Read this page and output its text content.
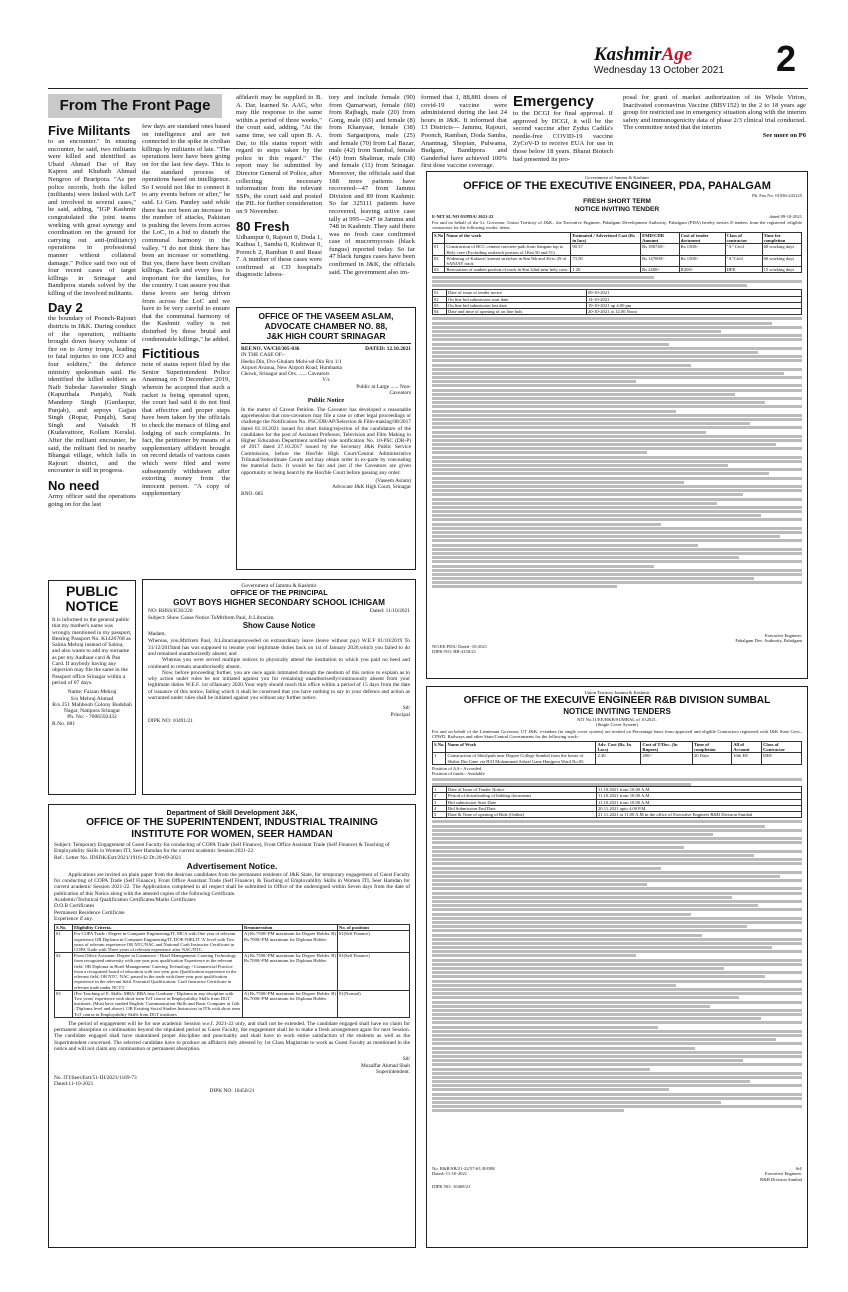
KashmirAge
Wednesday 13 October 2021 2
From The Front Page
Five Militants
to an encounter." In ensuing encounter, he said, two militants were killed and identified as Ubaid Ahmad Dar of Ray Kapren and Khubaib Ahmad Nengroo of Braripora. "As per police records, both the killed (militants) were linked with LeT and involved in several cases," he said, adding, "IGP Kashmir congratulated the joint teams working with great synergy and coordination on the ground for carrying out anti-(militancy) operations in professional manner without collateral damage." Police said two out of four recent cases of target killings in Srinagar and Bandipora stands solved by the killing of the involved militants.
Day 2
the boundary of Poonch-Rajouri districts in J&K. During conduct of the operation, militants brought down heavy volume of fire on to Army troops, leading to fatal injuries to one JCO and four soldiers," the defence ministry spokesman said. He identified the killed soldiers as Naib Subedar Jaswinder Singh (Kapurthala Punjab), Naik Mandeep Singh (Gurdaspur, Punjab), and sepoys Gajjan Singh (Ropar, Punjab), Saraj Singh and Vaisakh H (Kudavattoor, Kollam Kerala). After the militant encounter, he said, the militant fled to nearby Bhangai village, which falls in Rajouri district, and the encounter is still in progress.
No need
Army officer said the operations going on for the last
few days are standard ones based on intelligence and are not connected to the spike in civilian killings by militants of late. "The operations here have been going on for the last few days. This is the standard process of operations based on intelligence. So I would not like to connect it to any events before or after," he said. Lt Gen. Pandey said while there has not been an increase in the number of attacks, Pakistan is pushing the levers from across the LoC, in a bid to disturb the communal harmony in the valley. "I do not think there has been an increase or something. But yes, there have been civilian killings. Each and every loss is important for the families, for the country. I can assure you that these levers are being driven from across the LoC and we have to be very careful to ensure that the communal harmony of the Kashmir valley is not disturbed by these brutal and condemnable killings," he added.
Fictitious
note of status report filed by the Senior Superintendent Police Anantnag on 9 December 2019, wherein he accepted that such a racket is being operated upon, the court had said it do not find that effective and proper steps have been taken by the officials to check the menace of filing and lodging of such complaints. In fact, the petitioner by means of a supplementary affidavit brought on record details of various cases which were filed and were subsequently withdrawn after extorting money from the innocent person. "A copy of supplementary
affidavit may be supplied to B. A. Dar, learned Sr. AAG, who may file response to the same within a period of three weeks," the court said, adding, "At the same time, we call upon B. A. Dar, to file status report with regard to steps taken by the police in this regard." The report may be submitted by Director General of Police, after collecting necessary information from the relevant SSPs, the court said and posted the PIL for further consideration on 9 November.
80 Fresh
Udhampur 0, Rajouri 0, Doda 1, Kathua 1, Samba 0, Kishtwar 0, Poonch 2, Ramban 0 and Reasi 7. A number of these cases were confirmed at CD hospital's diagnostic labora-
tory and include female (90) from Qamarwari, female (60) from Rajbagh, male (20) from Gong, male (65) and female (8) from Khanyaar, female (38) from Sarganipora, male (25) and female (70) from Lal Bazar, male (42) from Sumbal, female (45) from Shalimar, male (38) and female (11) from Srinagar. Moreover, the officials said that 188 more patients have recovered—47 from Jammu Division and 89 from Kashmir. So far 325111 patients have recovered, leaving active case tally at 995—247 in Jammu and 748 in Kashmir. They said there was no fresh case confirmed case of mucormycosis (black fungus) reported today. So far 47 black fungus cases have been confirmed in J&K, the officials said. The government also im-
formed that 1, 88,881 doses of covid-19 vaccine were administered during the last 24 hours in J&K. It informed that 13 Districts— Jammu, Rajouri, Poonch, Ramban, Doda Samba, Anantnag, Shopian, Pulwama, Budgam, Bandipora and Ganderbal have achieved 100% first dose vaccine coverage.
Emergency
to the DCGI for final approval. If approved by DCGI, it will be the second vaccine after Zydus Cadila's needle-free COVID-19 vaccine ZyCoV-D to receive EUA for use in those below 18 years. Bharat Biotech had presented its pro-
posal for grant of market authorization of its Whole Virion, Inactivated coronavirus Vaccine (BBV152) in the 2 to 18 years age group for restricted use in emergency situation along with the interim safety and immunogenicity data of phase 2/3 clinical trial conducted. The committee noted that the interim
See more on P6
OFFICE OF THE VASEEM ASLAM,
ADVOCATE CHAMBER NO. 88,
J&K HIGH COURT SRINAGAR
REF.NO. VA/CH/305-036	DATED: 12.10.2021
IN THE CASE OF:-
Heeba Din, D/o-Ghulam Mohi-ud-Din R/o 1/1 Airport Avanua, New Airport Road, Humhama Chowk, Srinagar and Ors. ...... Caveators
V/s
Public at Large ...... Non-Caveators
Public Notice
In the matter of Caveat Petition. The Caveator has developed a reasonable apprehension that non-caveators may file a case or other legal proceedings or challenge the Notification No. PSC/DR/AP/Selection & Film-making/08/2017 dated 01.10.2021 issued for short listing/rejection of the candidature of the candidates for the post of Assistant Professor, Television and Film Making in Higher Education Department notified vide notification No. 10-PSC (DR-P) of 2017 dated 27.10.2017 issued by the Secretary J&K Public Service Commission, before the Hon'ble High Court/Central Administrative Tribunal/Subordinate Courts and may obtain order in ex-parte by concealing the material facts. It would be fair and just if the Caveators are given opportunity or being heard by the Hon'ble Court before passing any order.
(Vaseem Aslam)
Advocate J&K High Court, Srinagar
RNO. 685
PUBLIC
NOTICE
It is informed to the general public that my mother's name was wrongly mentioned in my passport, Bearing Passport No. K1426768 as Saima Mehraj instead of Saima, and also wants to add my surname as per my Aadhaar card & Pan Card. If anybody having any objection may file the same in the Passport office Srinagar within a period of 07 days.
Name: Faizan Mehraj
S/o Mehraj Ahmad
R/o 251 Mahboob Colony Budshah Nagar, Natipora Srinagar
Ph. No: - 7006592432
R.No. 681
Government of Jammu & Kashmir
OFFICE OF THE PRINCIPAL
GOVT BOYS HIGHER SECONDARY SCHOOL ICHIGAM
NO: BHSS/ICH/226	Dated: 11/10/2021
Subject: Show Cause Notice ToMtrIrem Paul, Jr.Librarian.
Show Cause Notice
Madam,
Whereas, you,MtrIrem Paul, Jr.Librarianproceeded on extraordinary leave (leave without pay) W.E.F 01/10/2019 To 31/12/2019and has was supposed to resume your legitimate duties back on 1st of January 2020,which you failed to do and remained unauthorizedly absent; and
Whereas you were served multiple notices to physically attend the institution to which you paid no heed and continued to remain unauthorisedly absent.
Now, before proceeding further, you are once again intimated through the medium of this notice to explain as to why action under rules be not initiated against you for remaining unauthorisedly/continuously absent from your legitimate duties W.E.F. 1st ofJanuary 2020.Your reply should reach this office within a period of 15 days from the date of issuance of this notice, failing which it shall be construed that you have nothing to say in your defence and action as warranted under rules shall be initiated against you without any further notice.
Sd/
Principal
DIPK NO: 10491/21
Department of Skill Development J&K,
OFFICE OF THE SUPERINTENDENT, INDUSTRIAL TRAINING
INSTITUTE FOR WOMEN, SEER HAMDAN
Subject: Temporary Engagement of Guest Faculty for conducting of COPA Trade (Self Finance), Front Office Assistant Trade (Self Finance) & Teaching of Employability Skills in Women ITI, Seer Hamdan for the current academic Session 2021-22.
Ref.: Letter No. JDSDK/Estt/2021/1916-42 Dt:20-09-2021
Advertisement Notice.
Applications are invited on plain paper from the desirous candidates from the permanent residents of J&K State, for temporary engagement of Guest Faculty for conducting of COPA Trade (Self Finance), Front Office Assistant Trade (Self Finance), & Teaching of Employability Skills in Women ITI, Seer Hamdan for current academic Session 2021-22. The Applications completed in all respect shall be submitted in Office of the undersigned within Seven days from the date of publication of this Notice along with the attested copies of the following Certificate.
Academic/Technical Qualification Certificates/Marks Certificates
D.O.B Certificates
Permanent Residence Certificate
Experience if any.
S.No.	Eligibility Criteria.	Remuneration	No. of positions
01	For COPA Trade : Degree in Computer Engineering/IT, MCA with One year of relevant experience OR Diploma in Computer Engineering/IT, DOE-NIELIT 'A' level with Two years of relevant experience OR NTC/NAC and National Craft Instructor Certificate in COPA Trade with Three years of relevant experience after NAC/NTC.	A) Rs.7500/-PM maximum for Degree Holder. B) Rs.7000/-PM maximum for Diploma Holder.	01(Self Finance)
02	Front Office Assistant: Degree in Commerce / Hotel Management/ Catering Technology from recognized university with one year post qualification Experience in the relevant field. OR Diploma in Hotel Management/ Catering Technology / Commercial Practice from a recognized board of education with two-year post Qualification experience in the relevant field. OR NTC/ NAC passed in the trade with three-year post qualification experience in the relevant field. Essential Qualification: Craft Instructor Certificate in relevant trade under NCVT.	A) Rs.7500/-PM maximum for Degree Holder. B) Rs.7000/-PM maximum for Diploma Holder.	01(Self Finance)
03	(For Teaching of E. Skills: MBA/ BBA /any Graduate / Diploma in any discipline with Two years' experience with short term ToT course in Employability Skills from DGT institutes. (Must have studied English/ Communication Skills and Basic Computer at 12th / Diploma level and above). OR Existing Social Studies Instructors in ITIs with short term ToT course in Employability Skills from DGT institutes	A) Rs.7500/-PM maximum for Degree Holder. B) Rs.7000/-PM maximum for Diploma Holder.	01(Normal)
The period of engagement will be for one academic Session w.e.f. 2021-22 only, and shall not be extended. The candidate engaged shall have no claim for permanent absorption or continuation beyond the stipulated period as Guest Faculty, the engagement shall be to make a fresh arrangement again for next Session. The candidate engaged shall have maintained proper discipline and punctuality and shall have to work entire satisfaction of the students as well as the Superintendent concerned. The selected candidate have to produce an affidavit duly attested by 1st Class Magistrate to work as Guest Faculty as mentioned in the notice and will not claim any continuation or permanent absorption.
Sd/
Muzaffar Ahmad Shah
Superintendent.
No. ITI/Seer/Estt/51-III/2021/1169-73
Dated:11-10-2021
DIPK NO: 10450/21
Government of Jammu & Kashmir
OFFICE OF THE EXECUTIVE ENGINEER, PDA, PAHALGAM
Ph. Fax No. 01936-243125
FRESH SHORT TERM
NOTICE INVITING TENDER
E-NIT SL NO 03/PDA/ 2021-22	dated 09-10-2021
For and on behalf of the Lt. Governor, Union Territory of J&K., the Executive Engineer, Pahalgam Development Authority, Pahalgam (PDA) hereby invites E-tenders from the registered /eligible contractors for the following works/ items.
S.No	Name of the work	Estimated / Advertised Cost (Rs in lacs)	EMD/CDR Amount	Cost of tender document	Class of contractor	Time for completion
01	Construction of RCC cement concrete path from Sangam top to Holy cave (Excluding avalanch portion of 1Km 50 and 51)	90.37	Rs 180740/-	Rs 1500/-	"A" Civil	60 working days
02	Widening of Kalazor/ karmai stretches in Km 9th and 26-to 29 of SANJAY track	73.50	Rs 147000/-	Rs 1500/-	"A"Civil	60 working days
03	Restoration of sunken portion of track in Km 32nd near holy cave.	1.20	Rs 2400/-	R200/-	DEE	15 working days
01	Date of issue of tender notice	09-10-2021
02	On line bid submission start date	14-10-2021
03	On line bid submission last date	19-10-2021 up 4.00 pm
04	Date and time of opening of on line bids	20-10-2021 at 12.00 Noon
Executive Engineer,
Pahalgam Dev. Authority, Pahalgam
NO.EE.PDA/ Dated -10-2021
DIPK-NO: BB-4150/21
Union Territory Jammu & Kashmir
OFFICE OF THE EXECUIVE ENGINEER R&B DIVISION SUMBAL
NOTICE INVITING TENDERS
NIT No.11/EE/R&B/SUMBAL of 10.2021.
(Single Cover System)
For and on behalf of the Lieutenant Governor, UT J&K, e-tenders (in single cover system) are invited on Percentage basis from approved and eligible Contractors registered with J&K State Govt., CPWD, Railways and other State/Central Governments for the following work:-
S.No.	Name of Work	Adv. Cost (Rs. In Lacs)	Cost of T/Doc. (In Rupees)	Time of completion	All of Account	Class of Contractor
1	Construction of Shed/path near Degree College Sumbal from the house of Shabir Din Gane via H/O Mohammad Ashraf Gane Hanjpora Ward No.05.	2.30	200/-	20 Days	10th EE	DEE
Position of AA:- Accorded.
Position of funds:- Available
1	Date of Issue of Tender Notice	11.10.2021 from 10.00 A.M.
2	Period of downloading of bidding documents	11.10.2021 from 10.00 A.M.
3	Bid submission Start Date	11.10.2021 from 10.00 A.M.
4	Bid Submission End Date	20.11.2021 upto 4.00 P.M.
5	Date & Time of opening of Bids (Online)	21.11.2021 at 11.00 A.M in the office of Executive Engineer R&B Division Sumbal
No. R&B/SB/21-22/57-63 /R/080/
Dated:-11-10-2021.
Sd/
Executive Engineer,
R&B Division Sumbal
DIPK NO: 10469/21
